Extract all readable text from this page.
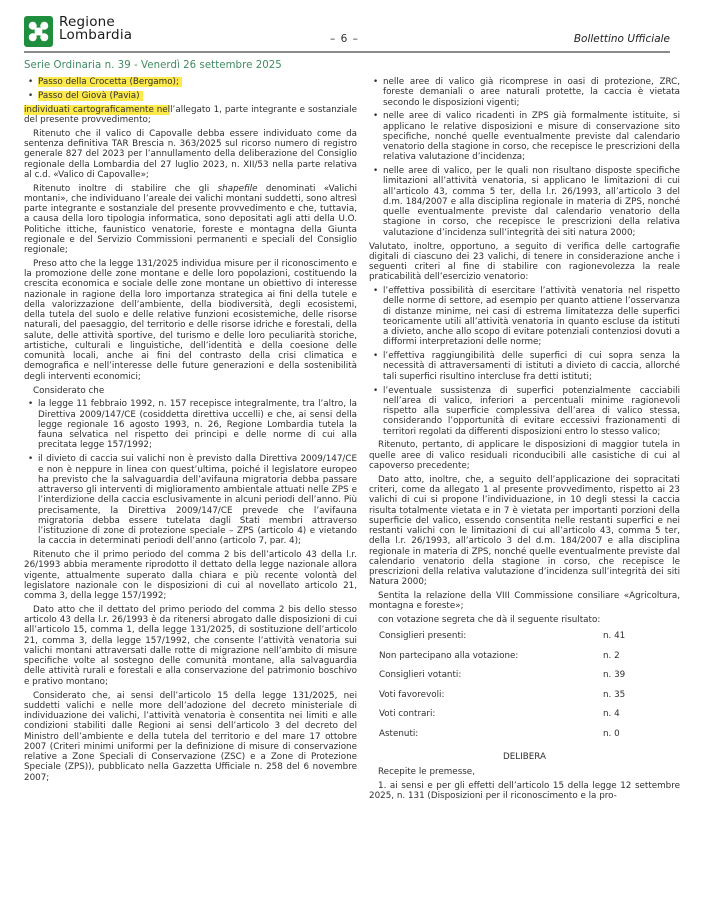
Regione
Lombardia	– 6 –	Bollettino Ufficiale
Serie Ordinaria n. 39 - Venerdì 26 settembre 2025
• Passo della Crocetta (Bergamo);
• Passo del Giovà (Pavia)

individuati cartograficamente nell’allegato 1, parte integrante e sostanziale del presente provvedimento;

Ritenuto che il valico di Capovalle debba essere individuato come da sentenza definitiva TAR Brescia n. 363/2025 sul ricorso numero di registro generale 827 del 2023 per l’annullamento della deliberazione del Consiglio regionale della Lombardia del 27 luglio 2023, n. XII/53 nella parte relativa al c.d. «Valico di Capovalle»;

Ritenuto inoltre di stabilire che gli shapefile denominati «Valichi montani», che individuano l’areale dei valichi montani suddetti, sono altresì parte integrante e sostanziale del presente provvedimento e che, tuttavia, a causa della loro tipologia informatica, sono depositati agli atti della U.O. Politiche ittiche, faunistico venatorie, foreste e montagna della Giunta regionale e del Servizio Commissioni permanenti e speciali del Consiglio regionale;

Preso atto che la legge 131/2025 individua misure per il riconoscimento e la promozione delle zone montane e delle loro popolazioni, costituendo la crescita economica e sociale delle zone montane un obiettivo di interesse nazionale in ragione della loro importanza strategica ai fini della tutele e della valorizzazione dell’ambiente, della biodiversità, degli ecosistemi, della tutela del suolo e delle relative funzioni ecosistemiche, delle risorse naturali, del paesaggio, del territorio e delle risorse idriche e forestali, della salute, delle attività sportive, del turismo e delle loro peculiarità storiche, artistiche, culturali e linguistiche, dell’identità e della coesione delle comunità locali, anche ai fini del contrasto della crisi climatica e demografica e nell’interesse delle future generazioni e della sostenibilità degli interventi economici;

Considerato che

• la legge 11 febbraio 1992, n. 157 recepisce integralmente, tra l’altro, la Direttiva 2009/147/CE (cosiddetta direttiva uccelli) e che, ai sensi della legge regionale 16 agosto 1993, n. 26, Regione Lombardia tutela la fauna selvatica nel rispetto dei principi e delle norme di cui alla precitata legge 157/1992;
• il divieto di caccia sui valichi non è previsto dalla Direttiva 2009/147/CE e non è neppure in linea con quest’ultima, poiché il legislatore europeo ha previsto che la salvaguardia dell’avifauna migratoria debba passare attraverso gli interventi di miglioramento ambientale attuati nelle ZPS e l’interdizione della caccia esclusivamente in alcuni periodi dell’anno. Più precisamente, la Direttiva 2009/147/CE prevede che l’avifauna migratoria debba essere tutelata dagli Stati membri attraverso l’istituzione di zone di protezione speciale – ZPS (articolo 4) e vietando la caccia in determinati periodi dell’anno (articolo 7, par. 4);

Ritenuto che il primo periodo del comma 2 bis dell’articolo 43 della l.r. 26/1993 abbia meramente riprodotto il dettato della legge nazionale allora vigente, attualmente superato dalla chiara e più recente volontà del legislatore nazionale con le disposizioni di cui al novellato articolo 21, comma 3, della legge 157/1992;

Dato atto che il dettato del primo periodo del comma 2 bis dello stesso articolo 43 della l.r. 26/1993 è da ritenersi abrogato dalle disposizioni di cui all’articolo 15, comma 1, della legge 131/2025, di sostituzione dell’articolo 21, comma 3, della legge 157/1992, che consente l’attività venatoria sui valichi montani attraversati dalle rotte di migrazione nell’ambito di misure specifiche volte al sostegno delle comunità montane, alla salvaguardia delle attività rurali e forestali e alla conservazione del patrimonio boschivo e prativo montano;

Considerato che, ai sensi dell’articolo 15 della legge 131/2025, nei suddetti valichi e nelle more dell’adozione del decreto ministeriale di individuazione dei valichi, l’attività venatoria è consentita nei limiti e alle condizioni stabiliti dalle Regioni ai sensi dell’articolo 3 del decreto del Ministro dell’ambiente e della tutela del territorio e del mare 17 ottobre 2007 (Criteri minimi uniformi per la definizione di misure di conservazione relative a Zone Speciali di Conservazione (ZSC) e a Zone di Protezione Speciale (ZPS)), pubblicato nella Gazzetta Ufficiale n. 258 del 6 novembre 2007;

• nelle aree di valico già ricomprese in oasi di protezione, ZRC, foreste demaniali o aree naturali protette, la caccia è vietata secondo le disposizioni vigenti;
• nelle aree di valico ricadenti in ZPS già formalmente istituite, si applicano le relative disposizioni e misure di conservazione sito specifiche, nonché quelle eventualmente previste dal calendario venatorio della stagione in corso, che recepisce le prescrizioni della relativa valutazione d’incidenza;
• nelle aree di valico, per le quali non risultano disposte specifiche limitazioni all’attività venatoria, si applicano le limitazioni di cui all’articolo 43, comma 5 ter, della l.r. 26/1993, all’articolo 3 del d.m. 184/2007 e alla disciplina regionale in materia di ZPS, nonché quelle eventualmente previste dal calendario venatorio della stagione in corso, che recepisce le prescrizioni della relativa valutazione d’incidenza sull’integrità dei siti natura 2000;

Valutato, inoltre, opportuno, a seguito di verifica delle cartografie digitali di ciascuno dei 23 valichi, di tenere in considerazione anche i seguenti criteri al fine di stabilire con ragionevolezza la reale praticabilità dell’esercizio venatorio:

• l’effettiva possibilità di esercitare l’attività venatoria nel rispetto delle norme di settore, ad esempio per quanto attiene l’osservanza di distanze minime, nei casi di estrema limitatezza delle superfici teoricamente utili all’attività venatoria in quanto escluse da istituti a divieto, anche allo scopo di evitare potenziali contenziosi dovuti a difformi interpretazioni delle norme;
• l’effettiva raggiungibilità delle superfici di cui sopra senza la necessità di attraversamenti di istituti a divieto di caccia, allorché tali superfici risultino intercluse fra detti istituti;
• l’eventuale sussistenza di superfici potenzialmente cacciabili nell’area di valico, inferiori a percentuali minime ragionevoli rispetto alla superficie complessiva dell’area di valico stessa, considerando l’opportunità di evitare eccessivi frazionamenti di territori regolati da differenti disposizioni entro lo stesso valico;

Ritenuto, pertanto, di applicare le disposizioni di maggior tutela in quelle aree di valico residuali riconducibili alle casistiche di cui al capoverso precedente;

Dato atto, inoltre, che, a seguito dell’applicazione dei sopracitati criteri, come da allegato 1 al presente provvedimento, rispetto ai 23 valichi di cui si propone l’individuazione, in 10 degli stessi la caccia risulta totalmente vietata e in 7 è vietata per importanti porzioni della superficie del valico, essendo consentita nelle restanti superfici e nei restanti valichi con le limitazioni di cui all’articolo 43, comma 5 ter, della l.r. 26/1993, all’articolo 3 del d.m. 184/2007 e alla disciplina regionale in materia di ZPS, nonché quelle eventualmente previste dal calendario venatorio della stagione in corso, che recepisce le prescrizioni della relativa valutazione d’incidenza sull’integrità dei siti Natura 2000;

Sentita la relazione della VIII Commissione consiliare «Agricoltura, montagna e foreste»;

con votazione segreta che dà il seguente risultato:

Consiglieri presenti:	n. 41
Non partecipano alla votazione:	n. 2
Consiglieri votanti:	n. 39
Voti favorevoli:	n. 35
Voti contrari:	n. 4
Astenuti:	n. 0

DELIBERA

Recepite le premesse,

1. ai sensi e per gli effetti dell’articolo 15 della legge 12 settembre 2025, n. 131 (Disposizioni per il riconoscimento e la pro-
